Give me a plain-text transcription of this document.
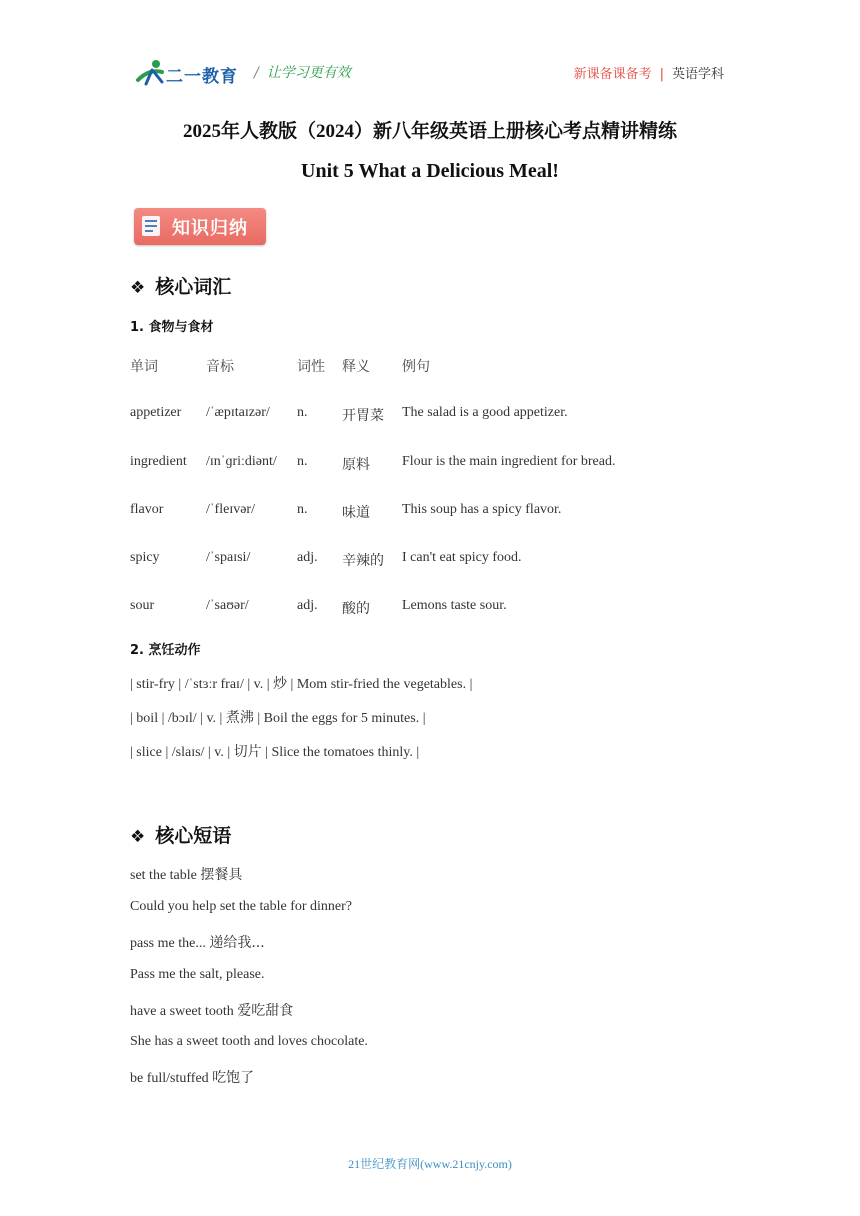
二一教育 / 让学习更有效	新课备课备考 | 英语学科
2025年人教版（2024）新八年级英语上册核心考点精讲精练
Unit 5 What a Delicious Meal!
知识归纳
❖ 核心词汇
1. 食物与食材
单词	音标	词性 释义 例句
appetizer /ˈæpɪtaɪzər/ n. 开胃菜 The salad is a good appetizer.
ingredient /ɪnˈɡriːdiənt/ n. 原料 Flour is the main ingredient for bread.
flavor	/ˈfleɪvər/	n. 味道 This soup has a spicy flavor.
spicy	/ˈspaɪsi/	adj. 辛辣的 I can't eat spicy food.
sour	/ˈsaʊər/	adj. 酸的 Lemons taste sour.
2. 烹饪动作
| stir-fry | /ˈstɜːr fraɪ/ | v. | 炒 | Mom stir-fried the vegetables. |
| boil | /bɔɪl/ | v. | 煮沸 | Boil the eggs for 5 minutes. |
| slice | /slaɪs/ | v. | 切片 | Slice the tomatoes thinly. |
❖ 核心短语
set the table 摆餐具
Could you help set the table for dinner?
pass me the... 递给我...
Pass me the salt, please.
have a sweet tooth 爱吃甜食
She has a sweet tooth and loves chocolate.
be full/stuffed 吃饱了
21世纪教育网(www.21cnjy.com)
